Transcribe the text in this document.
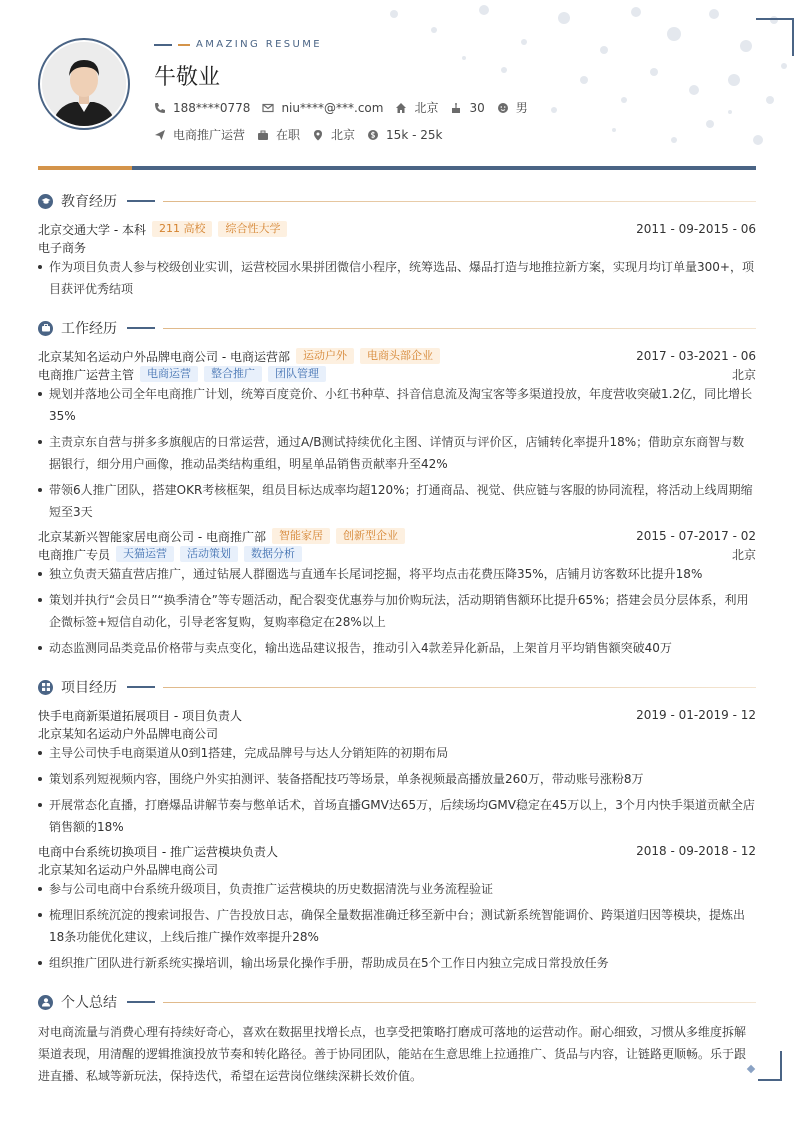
AMAZING RESUME
牛敬业
188****0778	niu****@***.com	北京	30	男
电商推广运营	在职	北京	15k - 25k
教育经历
北京交通大学 - 本科	211 高校	综合性大学	2011 - 09-2015 - 06
电子商务
作为项目负责人参与校级创业实训，运营校园水果拼团微信小程序，统筹选品、爆品打造与地推拉新方案，实现月均订单量300+，项目获评优秀结项
工作经历
北京某知名运动户外品牌电商公司 - 电商运营部	运动户外	电商头部企业	2017 - 03-2021 - 06
电商推广运营主管	电商运营	整合推广	团队管理	北京
规划并落地公司全年电商推广计划，统筹百度竞价、小红书种草、抖音信息流及淘宝客等多渠道投放，年度营收突破1.2亿，同比增长35%
主责京东自营与拼多多旗舰店的日常运营，通过A/B测试持续优化主图、详情页与评价区，店铺转化率提升18%；借助京东商智与数据银行，细分用户画像，推动品类结构重组，明星单品销售贡献率升至42%
带领6人推广团队，搭建OKR考核框架，组员目标达成率均超120%；打通商品、视觉、供应链与客服的协同流程，将活动上线周期缩短至3天
北京某新兴智能家居电商公司 - 电商推广部	智能家居	创新型企业	2015 - 07-2017 - 02
电商推广专员	天猫运营	活动策划	数据分析	北京
独立负责天猫直营店推广，通过钻展人群圈选与直通车长尾词挖掘，将平均点击花费压降35%，店铺月访客数环比提升18%
策划并执行“会员日”“换季清仓”等专题活动，配合裂变优惠券与加价购玩法，活动期销售额环比提升65%；搭建会员分层体系，利用企微标签+短信自动化，引导老客复购，复购率稳定在28%以上
动态监测同品类竞品价格带与卖点变化，输出选品建议报告，推动引入4款差异化新品，上架首月平均销售额突破40万
项目经历
快手电商新渠道拓展项目 - 项目负责人	2019 - 01-2019 - 12
北京某知名运动户外品牌电商公司
主导公司快手电商渠道从0到1搭建，完成品牌号与达人分销矩阵的初期布局
策划系列短视频内容，围绕户外实拍测评、装备搭配技巧等场景，单条视频最高播放量260万，带动账号涨粉8万
开展常态化直播，打磨爆品讲解节奏与憋单话术，首场直播GMV达65万，后续场均GMV稳定在45万以上，3个月内快手渠道贡献全店销售额的18%
电商中台系统切换项目 - 推广运营模块负责人	2018 - 09-2018 - 12
北京某知名运动户外品牌电商公司
参与公司电商中台系统升级项目，负责推广运营模块的历史数据清洗与业务流程验证
梳理旧系统沉淀的搜索词报告、广告投放日志，确保全量数据准确迁移至新中台；测试新系统智能调价、跨渠道归因等模块，提炼出18条功能优化建议，上线后推广操作效率提升28%
组织推广团队进行新系统实操培训，输出场景化操作手册，帮助成员在5个工作日内独立完成日常投放任务
个人总结
对电商流量与消费心理有持续好奇心，喜欢在数据里找增长点，也享受把策略打磨成可落地的运营动作。耐心细致，习惯从多维度拆解渠道表现，用清醒的逻辑推演投放节奏和转化路径。善于协同团队，能站在生意思维上拉通推广、货品与内容，让链路更顺畅。乐于跟进直播、私域等新玩法，保持迭代，希望在运营岗位继续深耕长效价值。
